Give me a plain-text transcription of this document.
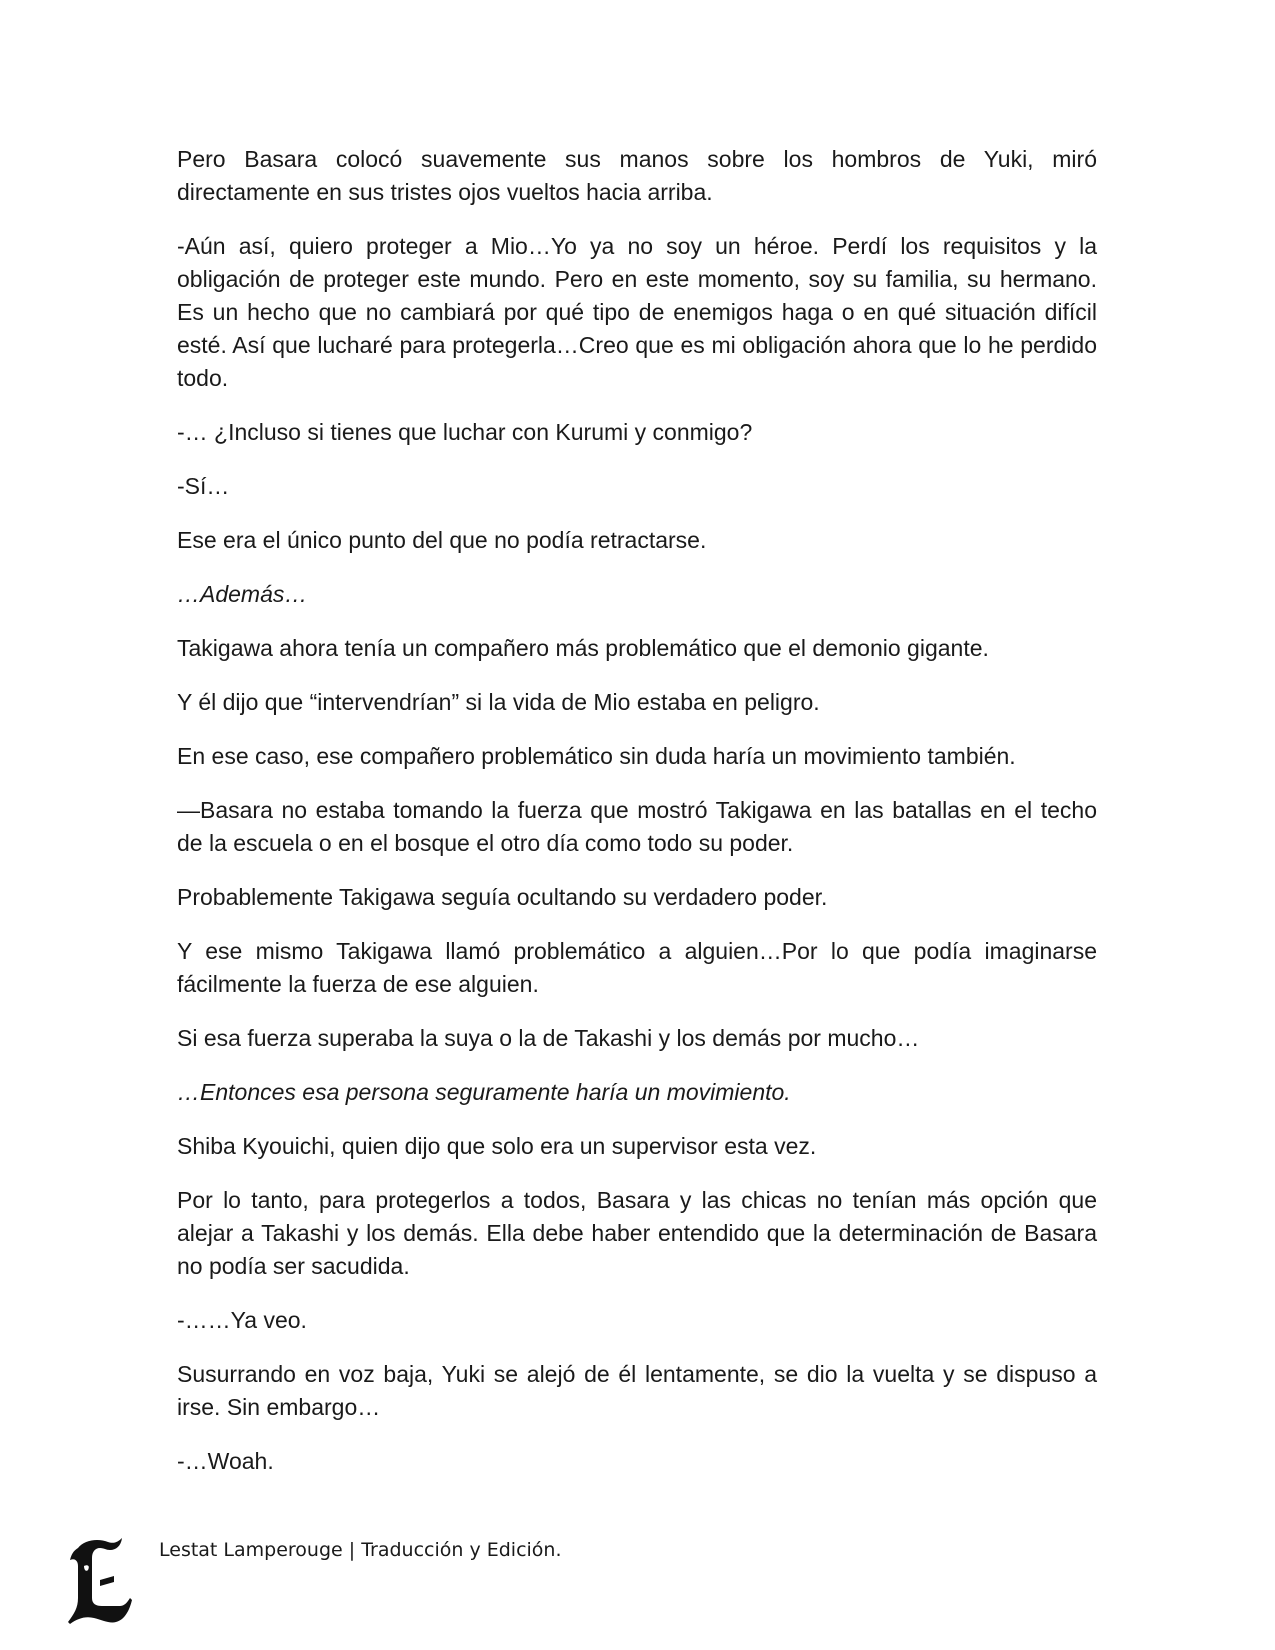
Pero Basara colocó suavemente sus manos sobre los hombros de Yuki, miró directamente en sus tristes ojos vueltos hacia arriba.

-Aún así, quiero proteger a Mio…Yo ya no soy un héroe. Perdí los requisitos y la obligación de proteger este mundo. Pero en este momento, soy su familia, su hermano. Es un hecho que no cambiará por qué tipo de enemigos haga o en qué situación difícil esté. Así que lucharé para protegerla…Creo que es mi obligación ahora que lo he perdido todo.

-… ¿Incluso si tienes que luchar con Kurumi y conmigo?

-Sí…

Ese era el único punto del que no podía retractarse.

…Además…

Takigawa ahora tenía un compañero más problemático que el demonio gigante.

Y él dijo que “intervendrían” si la vida de Mio estaba en peligro.

En ese caso, ese compañero problemático sin duda haría un movimiento también.

—Basara no estaba tomando la fuerza que mostró Takigawa en las batallas en el techo de la escuela o en el bosque el otro día como todo su poder.

Probablemente Takigawa seguía ocultando su verdadero poder.

Y ese mismo Takigawa llamó problemático a alguien…Por lo que podía imaginarse fácilmente la fuerza de ese alguien.

Si esa fuerza superaba la suya o la de Takashi y los demás por mucho…

…Entonces esa persona seguramente haría un movimiento.

Shiba Kyouichi, quien dijo que solo era un supervisor esta vez.

Por lo tanto, para protegerlos a todos, Basara y las chicas no tenían más opción que alejar a Takashi y los demás. Ella debe haber entendido que la determinación de Basara no podía ser sacudida.

-……Ya veo.

Susurrando en voz baja, Yuki se alejó de él lentamente, se dio la vuelta y se dispuso a irse. Sin embargo…

-…Woah.

Lestat Lamperouge | Traducción y Edición.
